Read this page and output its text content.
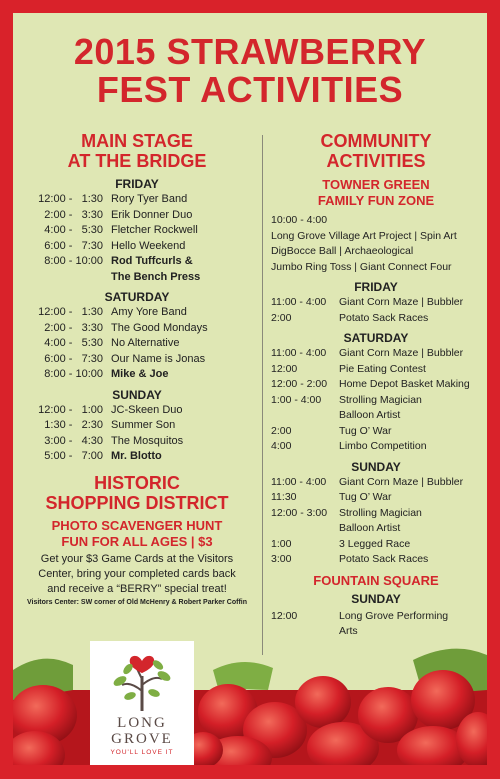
2015 STRAWBERRY
FEST ACTIVITIES
MAIN STAGE
AT THE BRIDGE
FRIDAY
12:00 -   1:30 Rory Tyer Band
2:00 -   3:30 Erik Donner Duo
4:00 -   5:30 Fletcher Rockwell
6:00 -   7:30 Hello Weekend
8:00 - 10:00 Rod Tuffcurls &
The Bench Press
SATURDAY
12:00 -   1:30 Amy Yore Band
2:00 -   3:30 The Good Mondays
4:00 -   5:30 No Alternative
6:00 -   7:30 Our Name is Jonas
8:00 - 10:00 Mike & Joe
SUNDAY
12:00 -   1:00 JC-Skeen Duo
1:30 -   2:30 Summer Son
3:00 -   4:30 The Mosquitos
5:00 -   7:00 Mr. Blotto
HISTORIC
SHOPPING DISTRICT
PHOTO SCAVENGER HUNT
FUN FOR ALL AGES | $3
Get your $3 Game Cards at the Visitors
Center, bring your completed cards back
and receive a “BERRY” special treat!
Visitors Center: SW corner of Old McHenry & Robert Parker Coffin
COMMUNITY
ACTIVITIES
TOWNER GREEN
FAMILY FUN ZONE
10:00 - 4:00
Long Grove Village Art Project | Spin Art
DigBocce Ball | Archaeological
Jumbo Ring Toss | Giant Connect Four
FRIDAY
11:00 - 4:00	Giant Corn Maze | Bubbler
2:00	Potato Sack Races
SATURDAY
11:00 - 4:00	Giant Corn Maze | Bubbler
12:00	Pie Eating Contest
12:00 - 2:00	Home Depot Basket Making
1:00 - 4:00	Strolling Magician
Balloon Artist
2:00	Tug O’ War
4:00	Limbo Competition
SUNDAY
11:00 - 4:00	Giant Corn Maze | Bubbler
11:30	Tug O’ War
12:00 - 3:00	Strolling Magician
Balloon Artist
1:00	3 Legged Race
3:00	Potato Sack Races
FOUNTAIN SQUARE
SUNDAY
12:00	Long Grove Performing
Arts
LONG
GROVE
YOU'LL LOVE IT
